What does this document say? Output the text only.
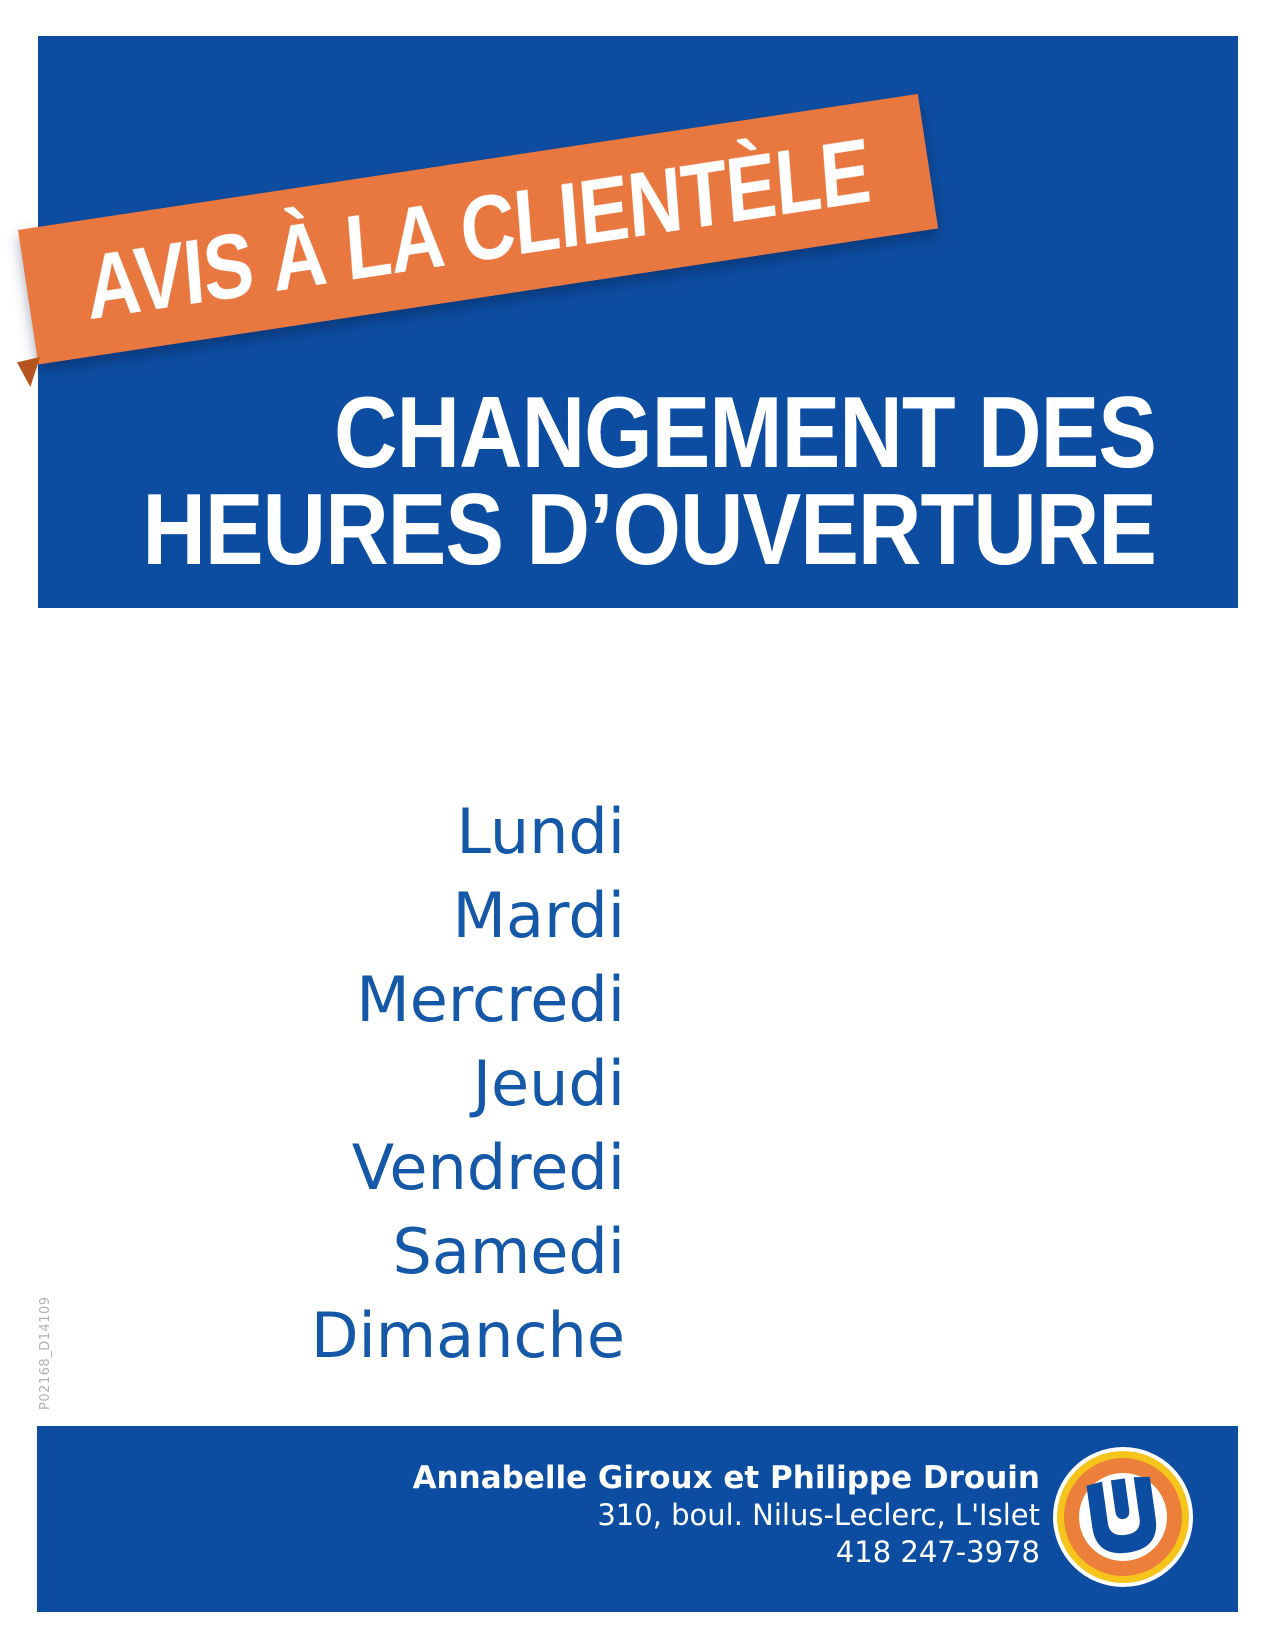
AVIS À LA CLIENTÈLE
CHANGEMENT DES
HEURES D’OUVERTURE
Lundi
Mardi
Mercredi
Jeudi
Vendredi
Samedi
Dimanche
P02168_D14109
Annabelle Giroux et Philippe Drouin
310, boul. Nilus-Leclerc, L'Islet
418 247-3978
